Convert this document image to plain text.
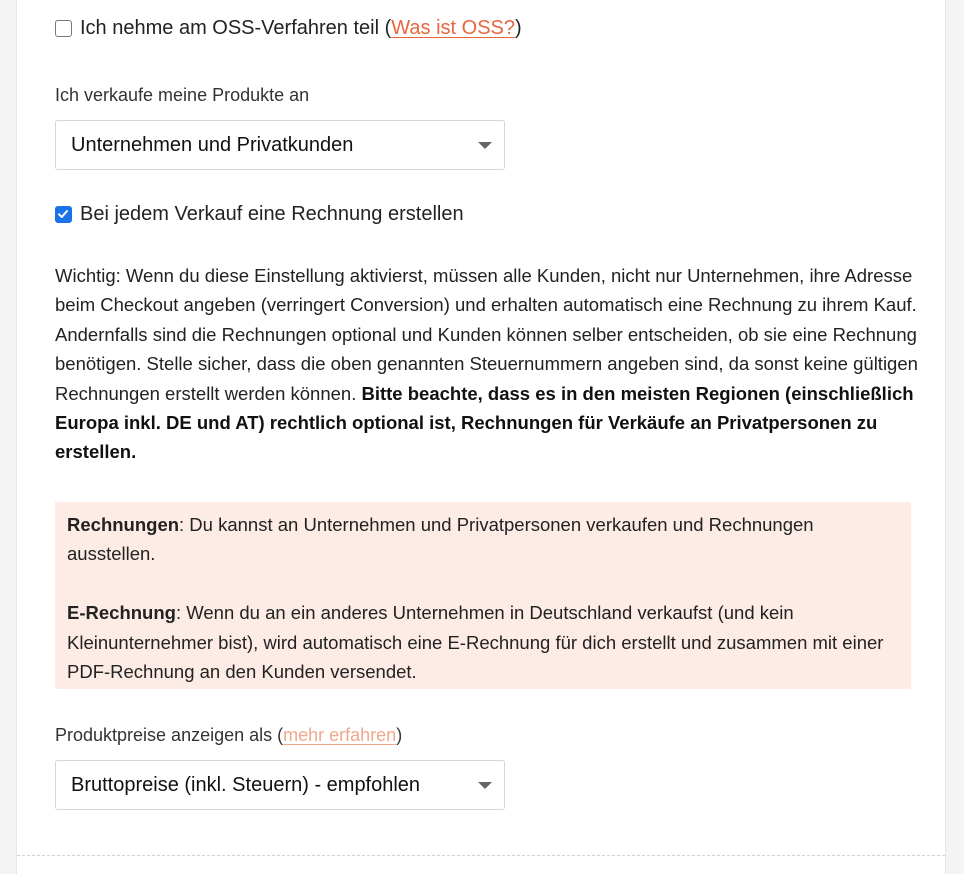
Ich nehme am OSS-Verfahren teil ( Was ist OSS? )
Ich verkaufe meine Produkte an
Unternehmen und Privatkunden
Bei jedem Verkauf eine Rechnung erstellen
Wichtig: Wenn du diese Einstellung aktivierst, müssen alle Kunden, nicht nur Unternehmen, ihre Adresse beim Checkout angeben (verringert Conversion) und erhalten automatisch eine Rechnung zu ihrem Kauf. Andernfalls sind die Rechnungen optional und Kunden können selber entscheiden, ob sie eine Rechnung benötigen. Stelle sicher, dass die oben genannten Steuernummern angeben sind, da sonst keine gültigen Rechnungen erstellt werden können. Bitte beachte, dass es in den meisten Regionen (einschließlich Europa inkl. DE und AT) rechtlich optional ist, Rechnungen für Verkäufe an Privatpersonen zu erstellen.

Rechnungen: Du kannst an Unternehmen und Privatpersonen verkaufen und Rechnungen ausstellen.

E-Rechnung: Wenn du an ein anderes Unternehmen in Deutschland verkaufst (und kein Kleinunternehmer bist), wird automatisch eine E-Rechnung für dich erstellt und zusammen mit einer PDF-Rechnung an den Kunden versendet.

Produktpreise anzeigen als (mehr erfahren)
Bruttopreise (inkl. Steuern) - empfohlen
